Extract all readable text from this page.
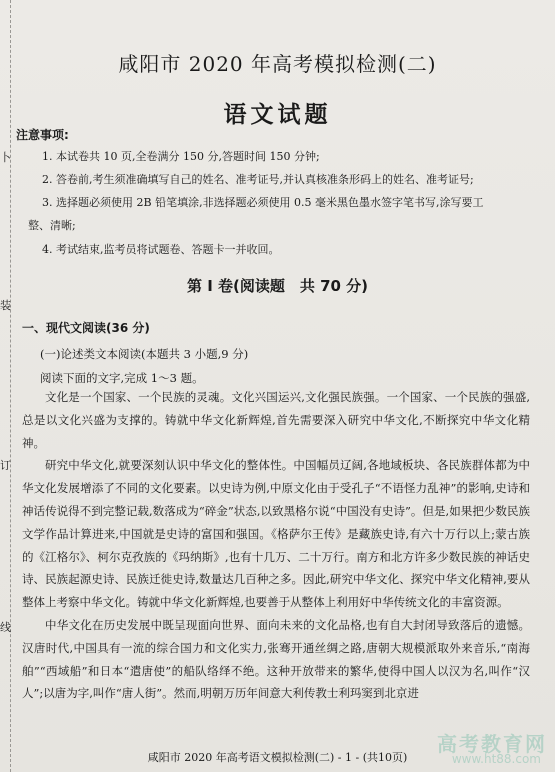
卜
装
订
线
咸阳市 2020 年高考模拟检测(二)
语文试题
注意事项:
1. 本试卷共 10 页,全卷满分 150 分,答题时间 150 分钟;
2. 答卷前,考生须准确填写自己的姓名、准考证号,并认真核准条形码上的姓名、准考证号;
3. 选择题必须使用 2B 铅笔填涂,非选择题必须使用 0.5 毫米黑色墨水签字笔书写,涂写要工
整、清晰;
4. 考试结束,监考员将试题卷、答题卡一并收回。
第 I 卷(阅读题　共 70 分)
一、现代文阅读(36 分)
(一)论述类文本阅读(本题共 3 小题,9 分)
阅读下面的文字,完成 1～3 题。

文化是一个国家、一个民族的灵魂。文化兴国运兴,文化强民族强。一个国家、一个民族的强盛,总是以文化兴盛为支撑的。铸就中华文化新辉煌,首先需要深入研究中华文化,不断探究中华文化精神。

研究中华文化,就要深刻认识中华文化的整体性。中国幅员辽阔,各地域板块、各民族群体都为中华文化发展增添了不同的文化要素。以史诗为例,中原文化由于受孔子“不语怪力乱神”的影响,史诗和神话传说得不到完整记载,数落成为“碎金”状态,以致黑格尔说“中国没有史诗”。但是,如果把少数民族文学作品计算进来,中国就是史诗的富国和强国。《格萨尔王传》是藏族史诗,有六十万行以上;蒙古族的《江格尔》、柯尔克孜族的《玛纳斯》,也有十几万、二十万行。南方和北方许多少数民族的神话史诗、民族起源史诗、民族迁徙史诗,数量达几百种之多。因此,研究中华文化、探究中华文化精神,要从整体上考察中华文化。铸就中华文化新辉煌,也要善于从整体上利用好中华传统文化的丰富资源。

中华文化在历史发展中既呈现面向世界、面向未来的文化品格,也有自大封闭导致落后的遗憾。汉唐时代,中国具有一流的综合国力和文化实力,张骞开通丝绸之路,唐朝大规模派取外来音乐,“南海舶”“西域船”和日本“遣唐使”的船队络绎不绝。这种开放带来的繁华,使得中国人以汉为名,叫作“汉人”;以唐为字,叫作“唐人街”。然而,明朝万历年间意大利传教士利玛窦到北京进

咸阳市 2020 年高考语文模拟检测(二) - 1 - (共10页)
高考教育网
www.ht88.com
